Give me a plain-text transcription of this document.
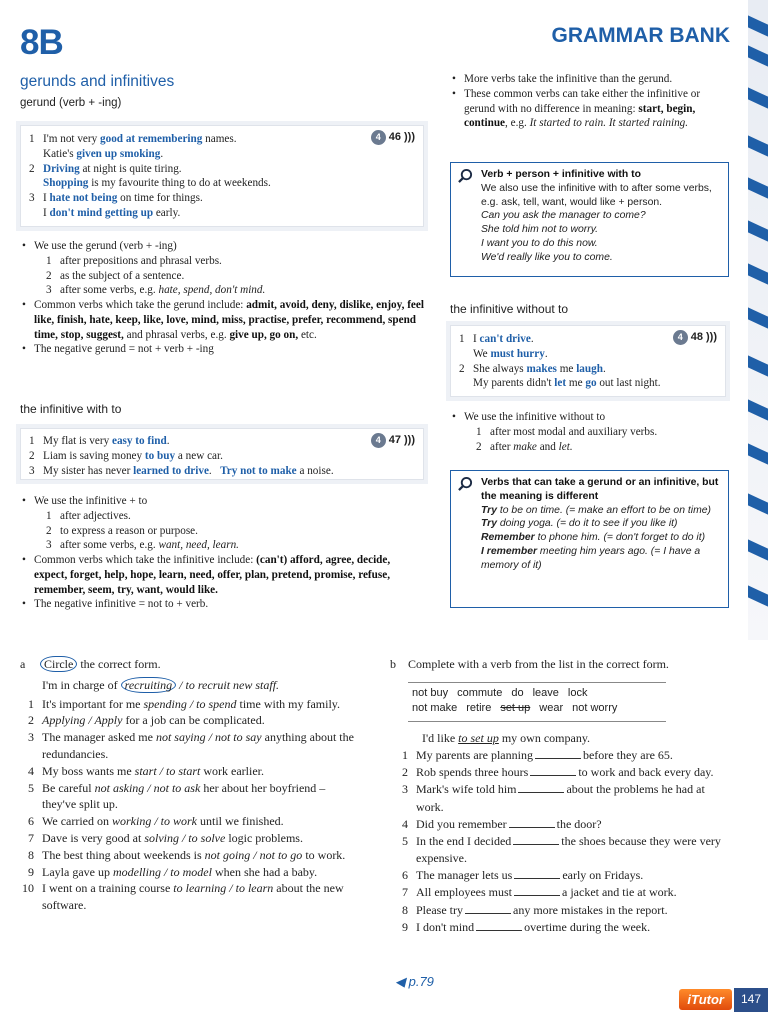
8B	GRAMMAR BANK
gerunds and infinitives
gerund (verb + -ing)
4 46 )))
1 I'm not very good at remembering names.
Katie's given up smoking.
2 Driving at night is quite tiring.
Shopping is my favourite thing to do at weekends.
3 I hate not being on time for things.
I don't mind getting up early.
• We use the gerund (verb + -ing)
1 after prepositions and phrasal verbs.
2 as the subject of a sentence.
3 after some verbs, e.g. hate, spend, don't mind.
• Common verbs which take the gerund include: admit, avoid, deny, dislike, enjoy, feel like, finish, hate, keep, like, love, mind, miss, practise, prefer, recommend, spend time, stop, suggest, and phrasal verbs, e.g. give up, go on, etc.
• The negative gerund = not + verb + -ing
the infinitive with to
4 47 )))
1 My flat is very easy to find.
2 Liam is saving money to buy a new car.
3 My sister has never learned to drive.   Try not to make a noise.
• We use the infinitive + to
1 after adjectives.
2 to express a reason or purpose.
3 after some verbs, e.g. want, need, learn.
• Common verbs which take the infinitive include: (can't) afford, agree, decide, expect, forget, help, hope, learn, need, offer, plan, pretend, promise, refuse, remember, seem, try, want, would like.
• The negative infinitive = not to + verb.
• More verbs take the infinitive than the gerund.
• These common verbs can take either the infinitive or gerund with no difference in meaning: start, begin, continue, e.g. It started to rain. It started raining.
Verb + person + infinitive with to
We also use the infinitive with to after some verbs, e.g. ask, tell, want, would like + person.
Can you ask the manager to come?
She told him not to worry.
I want you to do this now.
We'd really like you to come.
the infinitive without to
4 48 )))
1 I can't drive.
We must hurry.
2 She always makes me laugh.
My parents didn't let me go out last night.
• We use the infinitive without to
1 after most modal and auxiliary verbs.
2 after make and let.
Verbs that can take a gerund or an infinitive, but the meaning is different
Try to be on time. (= make an effort to be on time)
Try doing yoga. (= do it to see if you like it)
Remember to phone him. (= don't forget to do it)
I remember meeting him years ago. (= I have a memory of it)
a	Circle the correct form.
I'm in charge of recruiting / to recruit new staff.
1 It's important for me spending / to spend time with my family.
2 Applying / Apply for a job can be complicated.
3 The manager asked me not saying / not to say anything about the redundancies.
4 My boss wants me start / to start work earlier.
5 Be careful not asking / not to ask her about her boyfriend – they've split up.
6 We carried on working / to work until we finished.
7 Dave is very good at solving / to solve logic problems.
8 The best thing about weekends is not going / not to go to work.
9 Layla gave up modelling / to model when she had a baby.
10 I went on a training course to learning / to learn about the new software.
b	Complete with a verb from the list in the correct form.
not buy commute do leave lock
not make retire set up wear not worry
I'd like to set up my own company.
1 My parents are planning	before they are 65.
2 Rob spends three hours	to work and back every day.
3 Mark's wife told him	about the problems he had at work.
4 Did you remember	the door?
5 In the end I decided	the shoes because they were very expensive.
6 The manager lets us	early on Fridays.
7 All employees must	a jacket and tie at work.
8 Please try	any more mistakes in the report.
9 I don't mind	overtime during the week.
◀ p.79
iTutor	147
